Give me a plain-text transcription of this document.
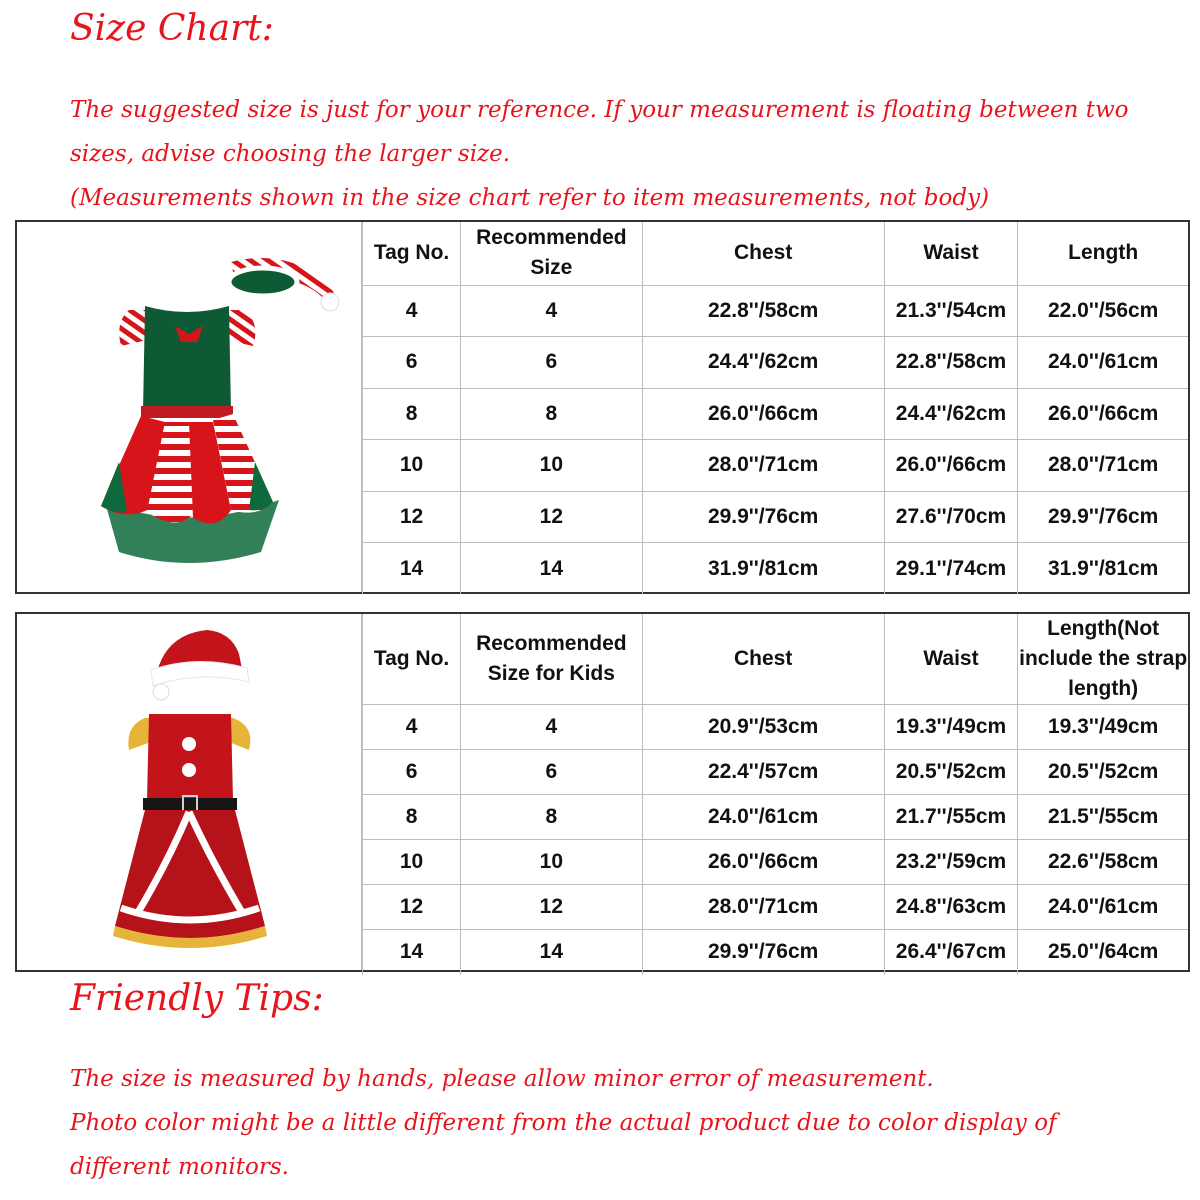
Size Chart:
The suggested size is just for your reference. If your measurement is floating between two
sizes, advise choosing the larger size.
(Measurements shown in the size chart refer to item measurements, not body)
Tag No.	Recommended Size	Chest	Waist	Length
4	4	22.8''/58cm	21.3''/54cm	22.0''/56cm
6	6	24.4''/62cm	22.8''/58cm	24.0''/61cm
8	8	26.0''/66cm	24.4''/62cm	26.0''/66cm
10	10	28.0''/71cm	26.0''/66cm	28.0''/71cm
12	12	29.9''/76cm	27.6''/70cm	29.9''/76cm
14	14	31.9''/81cm	29.1''/74cm	31.9''/81cm
Tag No.	Recommended Size for Kids	Chest	Waist	Length(Not include the strap length)
4	4	20.9''/53cm	19.3''/49cm	19.3''/49cm
6	6	22.4''/57cm	20.5''/52cm	20.5''/52cm
8	8	24.0''/61cm	21.7''/55cm	21.5''/55cm
10	10	26.0''/66cm	23.2''/59cm	22.6''/58cm
12	12	28.0''/71cm	24.8''/63cm	24.0''/61cm
14	14	29.9''/76cm	26.4''/67cm	25.0''/64cm
Friendly Tips:
The size is measured by hands, please allow minor error of measurement.
Photo color might be a little different from the actual product due to color display of
different monitors.
